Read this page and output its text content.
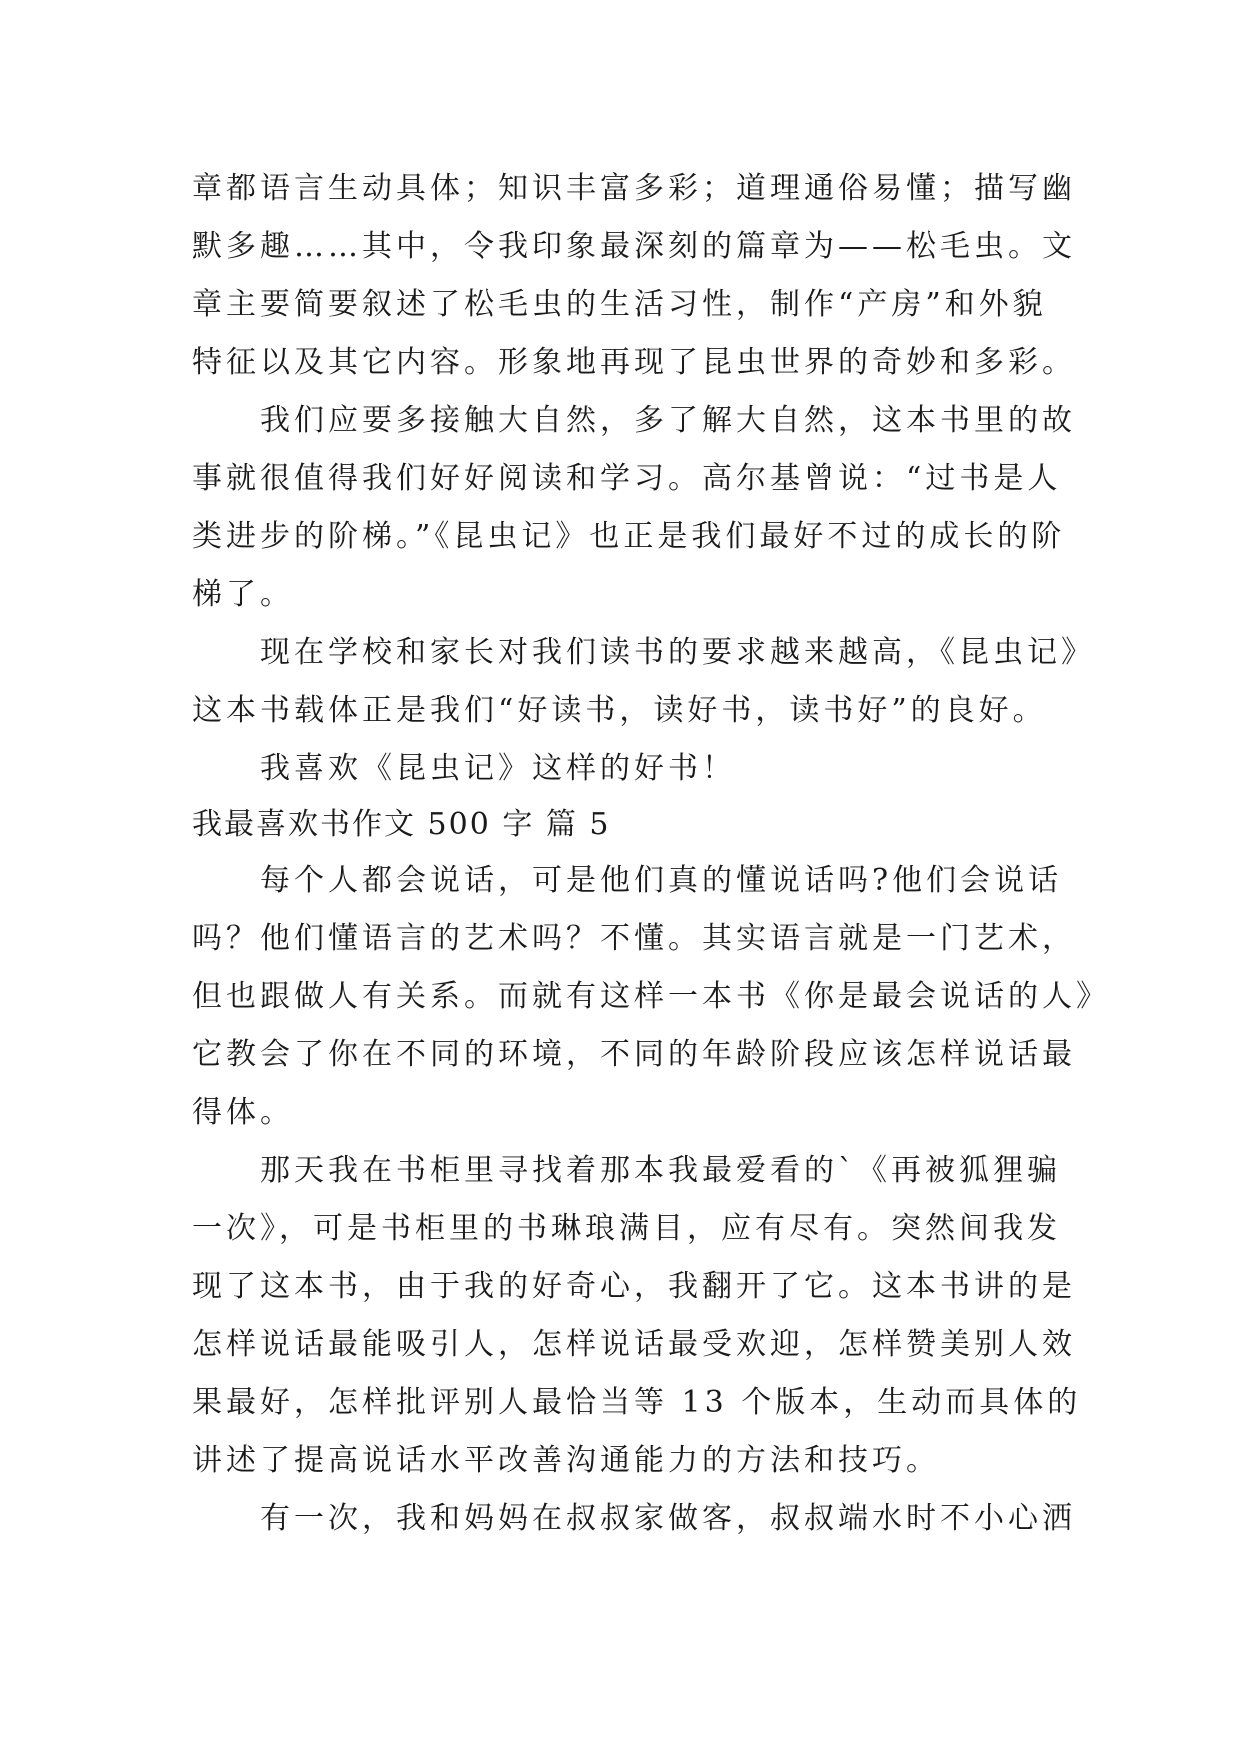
章都语言生动具体；知识丰富多彩；道理通俗易懂；描写幽
默多趣……其中，令我印象最深刻的篇章为——松毛虫。文
章主要简要叙述了松毛虫的生活习性，制作“产房”和外貌
特征以及其它内容。形象地再现了昆虫世界的奇妙和多彩。
我们应要多接触大自然，多了解大自然，这本书里的故
事就很值得我们好好阅读和学习。高尔基曾说：“过书是人
类进步的阶梯。”《昆虫记》也正是我们最好不过的成长的阶
梯了。
现在学校和家长对我们读书的要求越来越高，《昆虫记》
这本书载体正是我们“好读书，读好书，读书好”的良好。
我喜欢《昆虫记》这样的好书！
我最喜欢书作文 500 字 篇 5
每个人都会说话，可是他们真的懂说话吗?他们会说话
吗？他们懂语言的艺术吗？不懂。其实语言就是一门艺术，
但也跟做人有关系。而就有这样一本书《你是最会说话的人》
它教会了你在不同的环境，不同的年龄阶段应该怎样说话最
得体。
那天我在书柜里寻找着那本我最爱看的`《再被狐狸骗
一次》，可是书柜里的书琳琅满目，应有尽有。突然间我发
现了这本书，由于我的好奇心，我翻开了它。这本书讲的是
怎样说话最能吸引人，怎样说话最受欢迎，怎样赞美别人效
果最好，怎样批评别人最恰当等 13 个版本，生动而具体的
讲述了提高说话水平改善沟通能力的方法和技巧。
有一次，我和妈妈在叔叔家做客，叔叔端水时不小心洒
